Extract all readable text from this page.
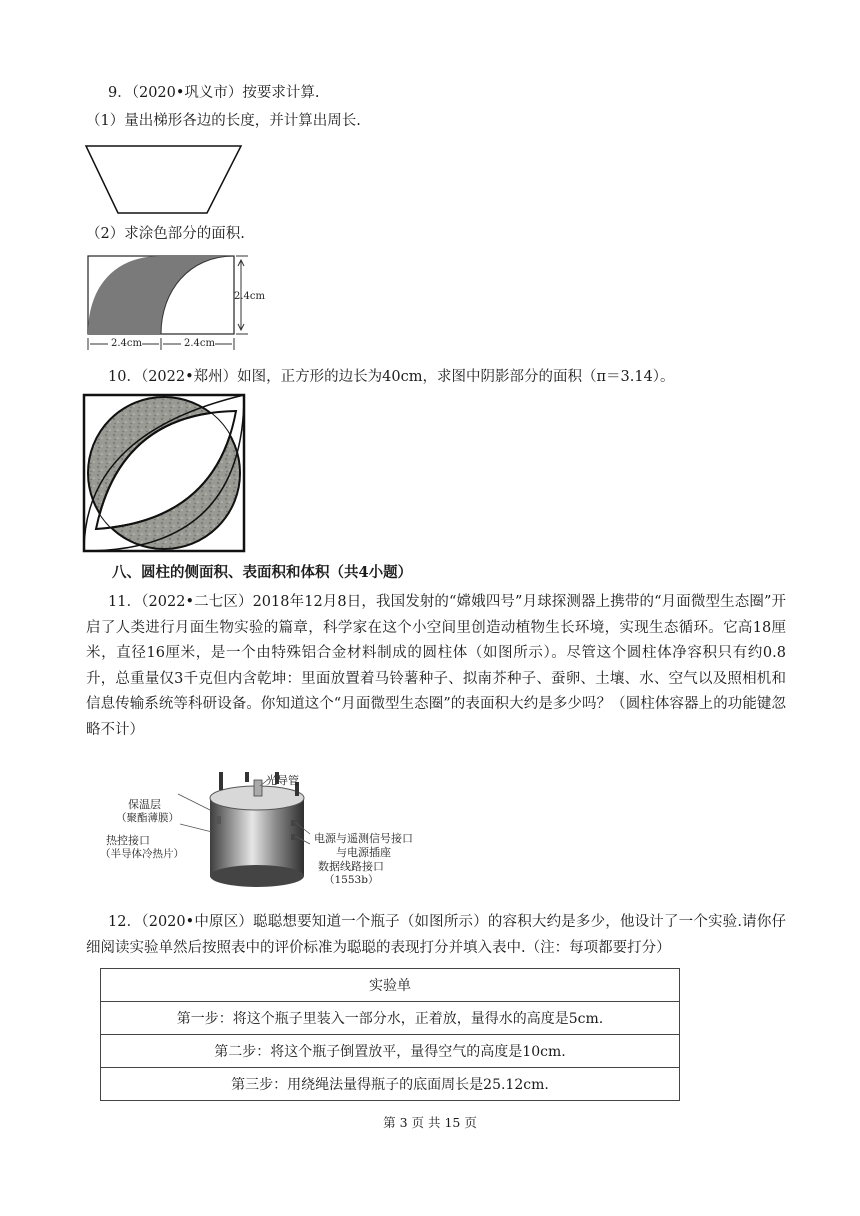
9．（2020•巩义市）按要求计算.
（1）量出梯形各边的长度，并计算出周长.
（2）求涂色部分的面积.
2.4cm
2.4cm	2.4cm
10．（2022•郑州）如图，正方形的边长为40cm，求图中阴影部分的面积（π＝3.14）。
八、圆柱的侧面积、表面积和体积（共4小题）
11．（2022•二七区）2018年12月8日，我国发射的“嫦娥四号”月球探测器上携带的“月面微型生态圈”开启了人类进行月面生物实验的篇章，科学家在这个小空间里创造动植物生长环境，实现生态循环。它高18厘米，直径16厘米，是一个由特殊铝合金材料制成的圆柱体（如图所示）。尽管这个圆柱体净容积只有约0.8升，总重量仅3千克但内含乾坤：里面放置着马铃薯种子、拟南芥种子、蚕卵、土壤、水、空气以及照相机和信息传输系统等科研设备。你知道这个“月面微型生态圈”的表面积大约是多少吗？（圆柱体容器上的功能键忽略不计）
光导管
保温层
（聚酯薄膜）
热控接口
（半导体冷热片）
电源与遥测信号接口
与电源插座
数据线路接口
（1553b）
12．（2020•中原区）聪聪想要知道一个瓶子（如图所示）的容积大约是多少，他设计了一个实验.请你仔细阅读实验单然后按照表中的评价标准为聪聪的表现打分并填入表中.（注：每项都要打分）
实验单
第一步：将这个瓶子里装入一部分水，正着放，量得水的高度是5cm.
第二步：将这个瓶子倒置放平，量得空气的高度是10cm.
第三步：用绕绳法量得瓶子的底面周长是25.12cm.
第 3 页 共 15 页
